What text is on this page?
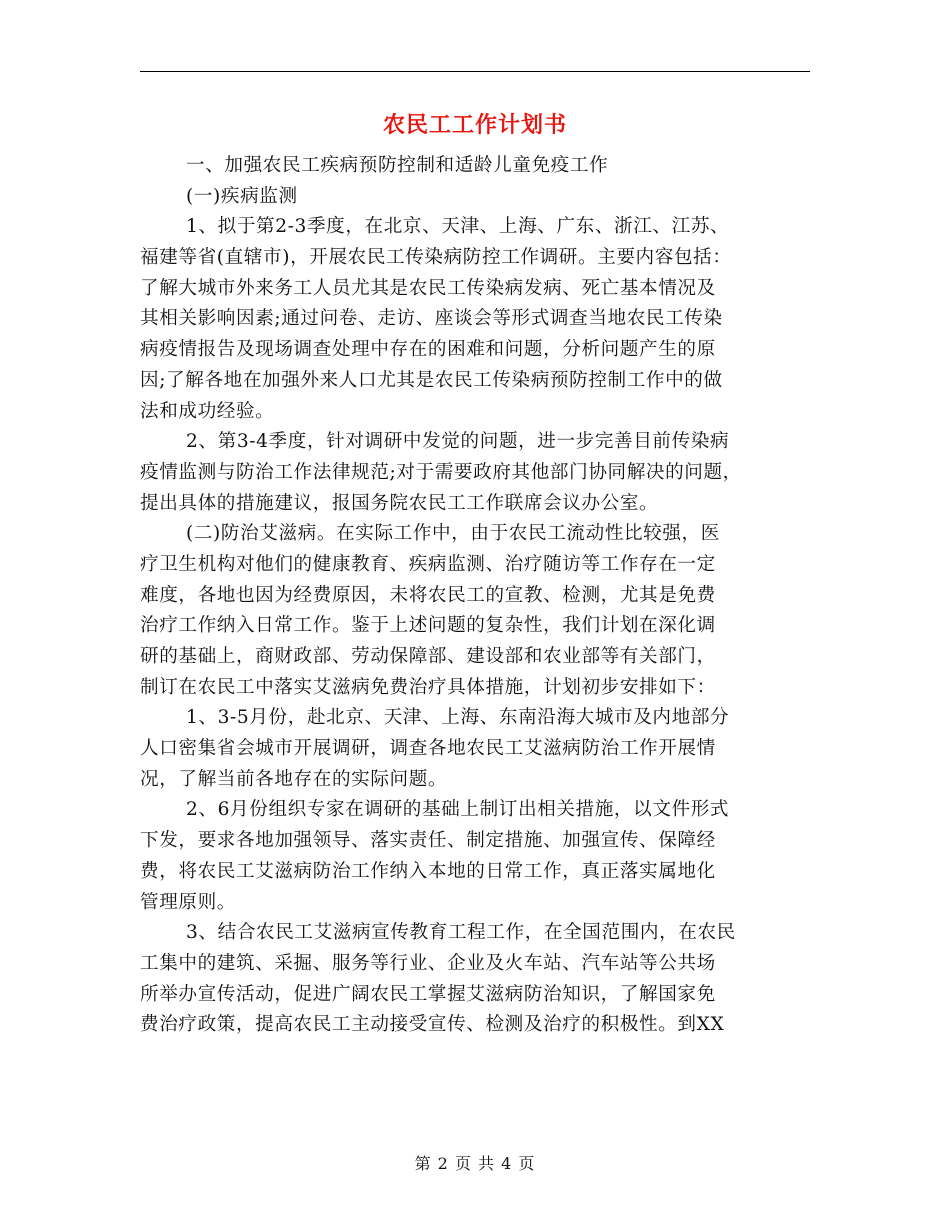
农民工工作计划书
一、加强农民工疾病预防控制和适龄儿童免疫工作
(一)疾病监测
1、拟于第2-3季度，在北京、天津、上海、广东、浙江、江苏、
福建等省(直辖市)，开展农民工传染病防控工作调研。主要内容包括：
了解大城市外来务工人员尤其是农民工传染病发病、死亡基本情况及
其相关影响因素;通过问卷、走访、座谈会等形式调查当地农民工传染
病疫情报告及现场调查处理中存在的困难和问题，分析问题产生的原
因;了解各地在加强外来人口尤其是农民工传染病预防控制工作中的做
法和成功经验。
2、第3-4季度，针对调研中发觉的问题，进一步完善目前传染病
疫情监测与防治工作法律规范;对于需要政府其他部门协同解决的问题，
提出具体的措施建议，报国务院农民工工作联席会议办公室。
(二)防治艾滋病。在实际工作中，由于农民工流动性比较强，医
疗卫生机构对他们的健康教育、疾病监测、治疗随访等工作存在一定
难度，各地也因为经费原因，未将农民工的宣教、检测，尤其是免费
治疗工作纳入日常工作。鉴于上述问题的复杂性，我们计划在深化调
研的基础上，商财政部、劳动保障部、建设部和农业部等有关部门，
制订在农民工中落实艾滋病免费治疗具体措施，计划初步安排如下：
1、3-5月份，赴北京、天津、上海、东南沿海大城市及内地部分
人口密集省会城市开展调研，调查各地农民工艾滋病防治工作开展情
况，了解当前各地存在的实际问题。
2、6月份组织专家在调研的基础上制订出相关措施，以文件形式
下发，要求各地加强领导、落实责任、制定措施、加强宣传、保障经
费，将农民工艾滋病防治工作纳入本地的日常工作，真正落实属地化
管理原则。
3、结合农民工艾滋病宣传教育工程工作，在全国范围内，在农民
工集中的建筑、采掘、服务等行业、企业及火车站、汽车站等公共场
所举办宣传活动，促进广阔农民工掌握艾滋病防治知识，了解国家免
费治疗政策，提高农民工主动接受宣传、检测及治疗的积极性。到XX
第 2 页 共 4 页
